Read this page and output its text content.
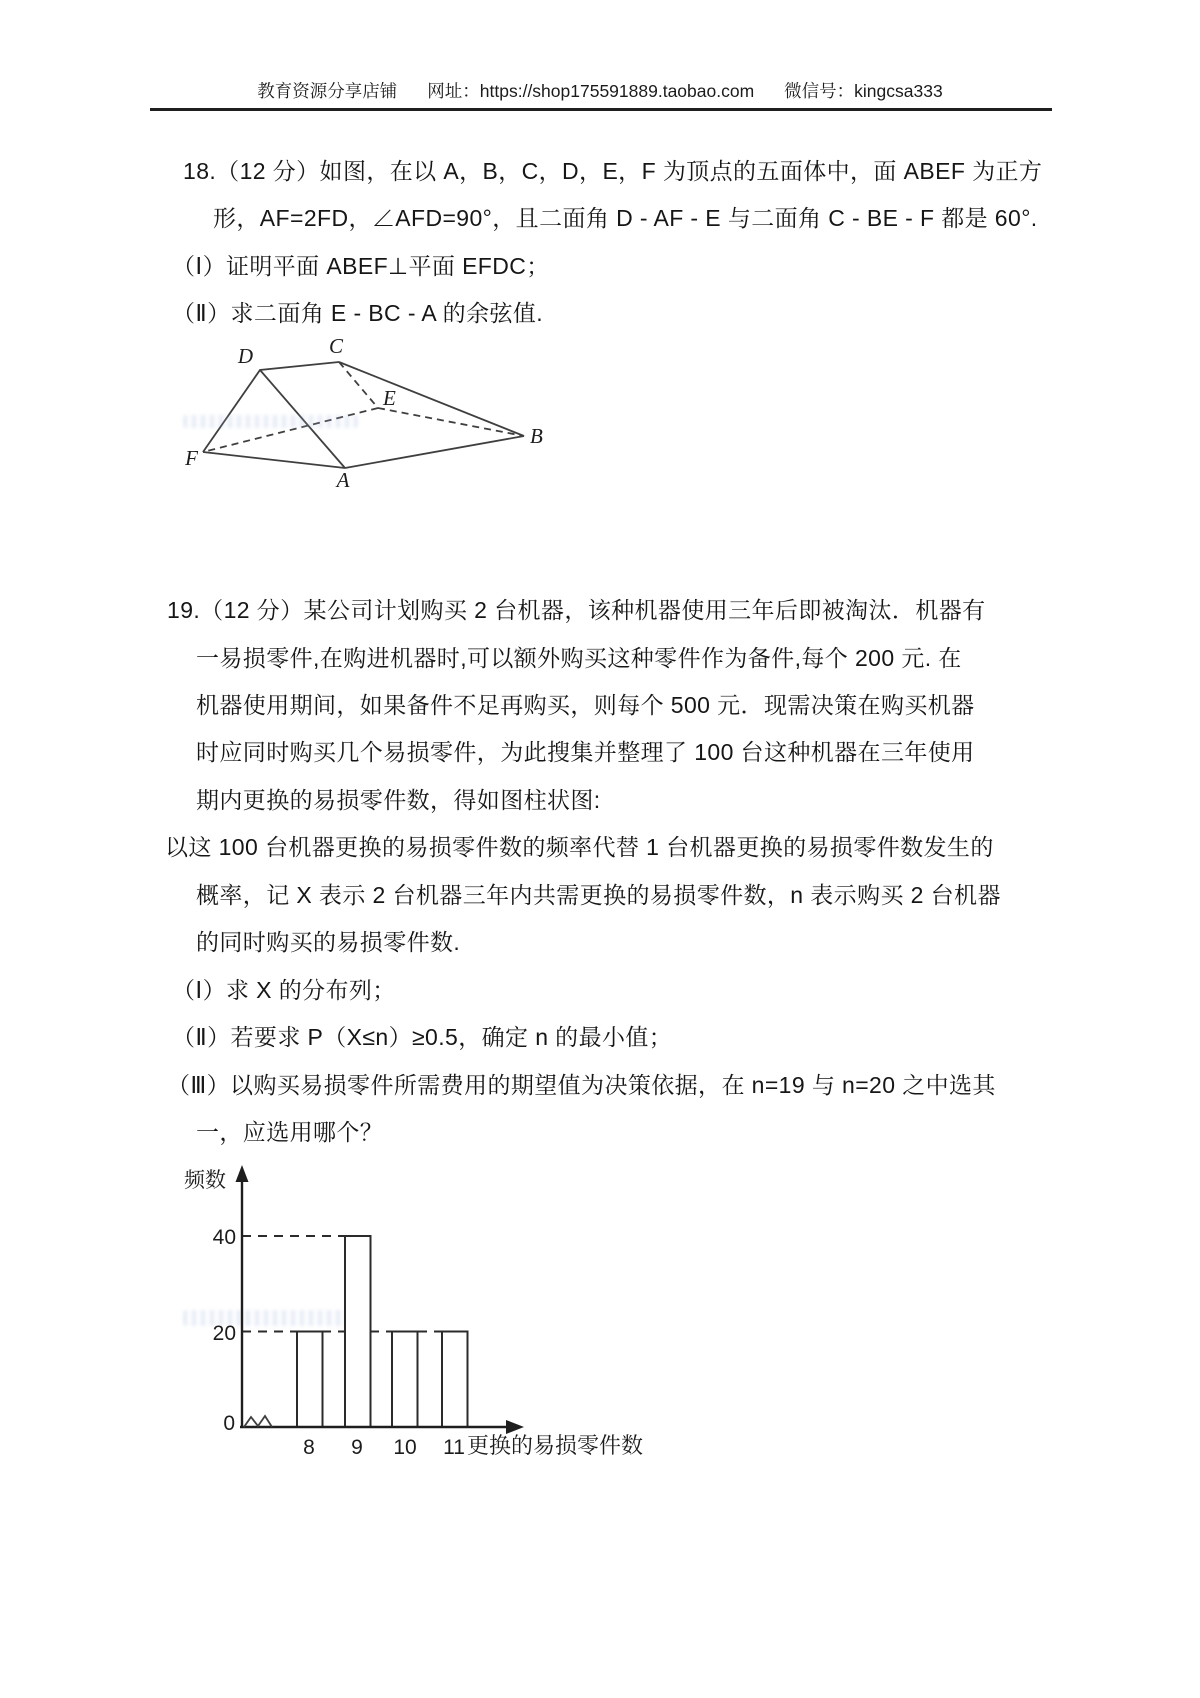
教育资源分享店铺 网址：https://shop175591889.taobao.com 微信号：kingcsa333
18.（12 分）如图，在以 A，B，C，D，E，F 为顶点的五面体中，面 ABEF 为正方
形，AF=2FD，∠AFD=90°，且二面角 D - AF - E 与二面角 C - BE - F 都是 60°.
（Ⅰ）证明平面 ABEF⊥平面 EFDC；
（Ⅱ）求二面角 E - BC - A 的余弦值.
D	C
E
B
F
A
19.（12 分）某公司计划购买 2 台机器，该种机器使用三年后即被淘汰．机器有
一易损零件,在购进机器时,可以额外购买这种零件作为备件,每个 200 元. 在
机器使用期间，如果备件不足再购买，则每个 500 元．现需决策在购买机器
时应同时购买几个易损零件，为此搜集并整理了 100 台这种机器在三年使用
期内更换的易损零件数，得如图柱状图:
以这 100 台机器更换的易损零件数的频率代替 1 台机器更换的易损零件数发生的
概率，记 X 表示 2 台机器三年内共需更换的易损零件数，n 表示购买 2 台机器
的同时购买的易损零件数.
（Ⅰ）求 X 的分布列；
（Ⅱ）若要求 P（X≤n）≥0.5，确定 n 的最小值；
（Ⅲ）以购买易损零件所需费用的期望值为决策依据，在 n=19 与 n=20 之中选其
一，应选用哪个？
0
20
40
8 9 10 11
频数
更换的易损零件数
